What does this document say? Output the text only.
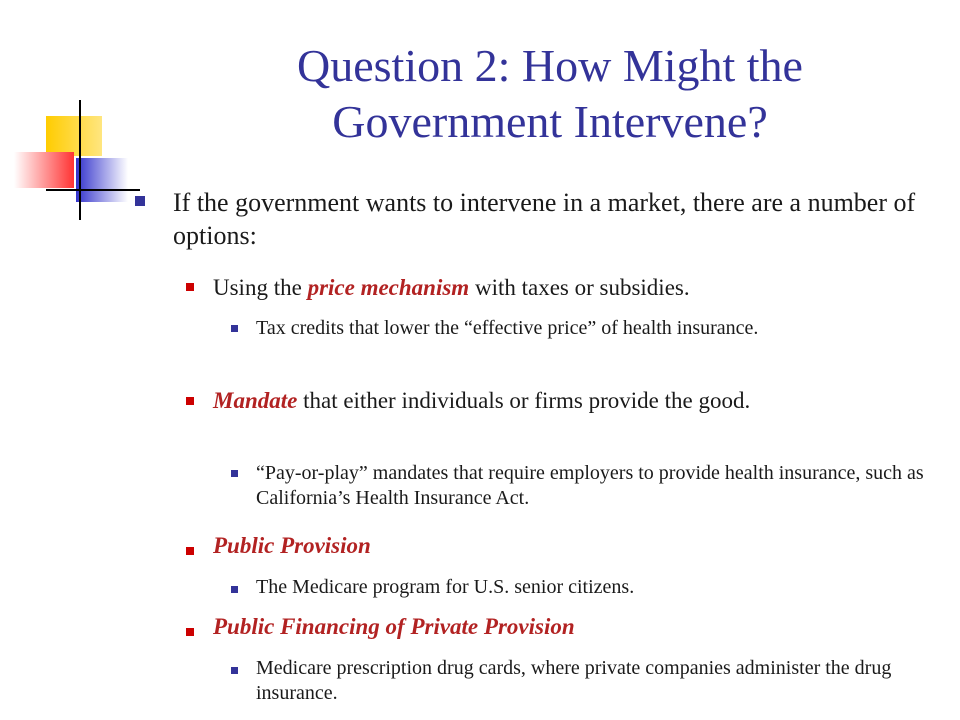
Question 2: How Might the
Government Intervene?

If the government wants to intervene in a market, there are a number of options:

Using the price mechanism with taxes or subsidies.

Tax credits that lower the “effective price” of health insurance.

Mandate that either individuals or firms provide the good.

“Pay-or-play” mandates that require employers to provide health insurance, such as California’s Health Insurance Act.

Public Provision

The Medicare program for U.S. senior citizens.

Public Financing of Private Provision

Medicare prescription drug cards, where private companies administer the drug insurance.
